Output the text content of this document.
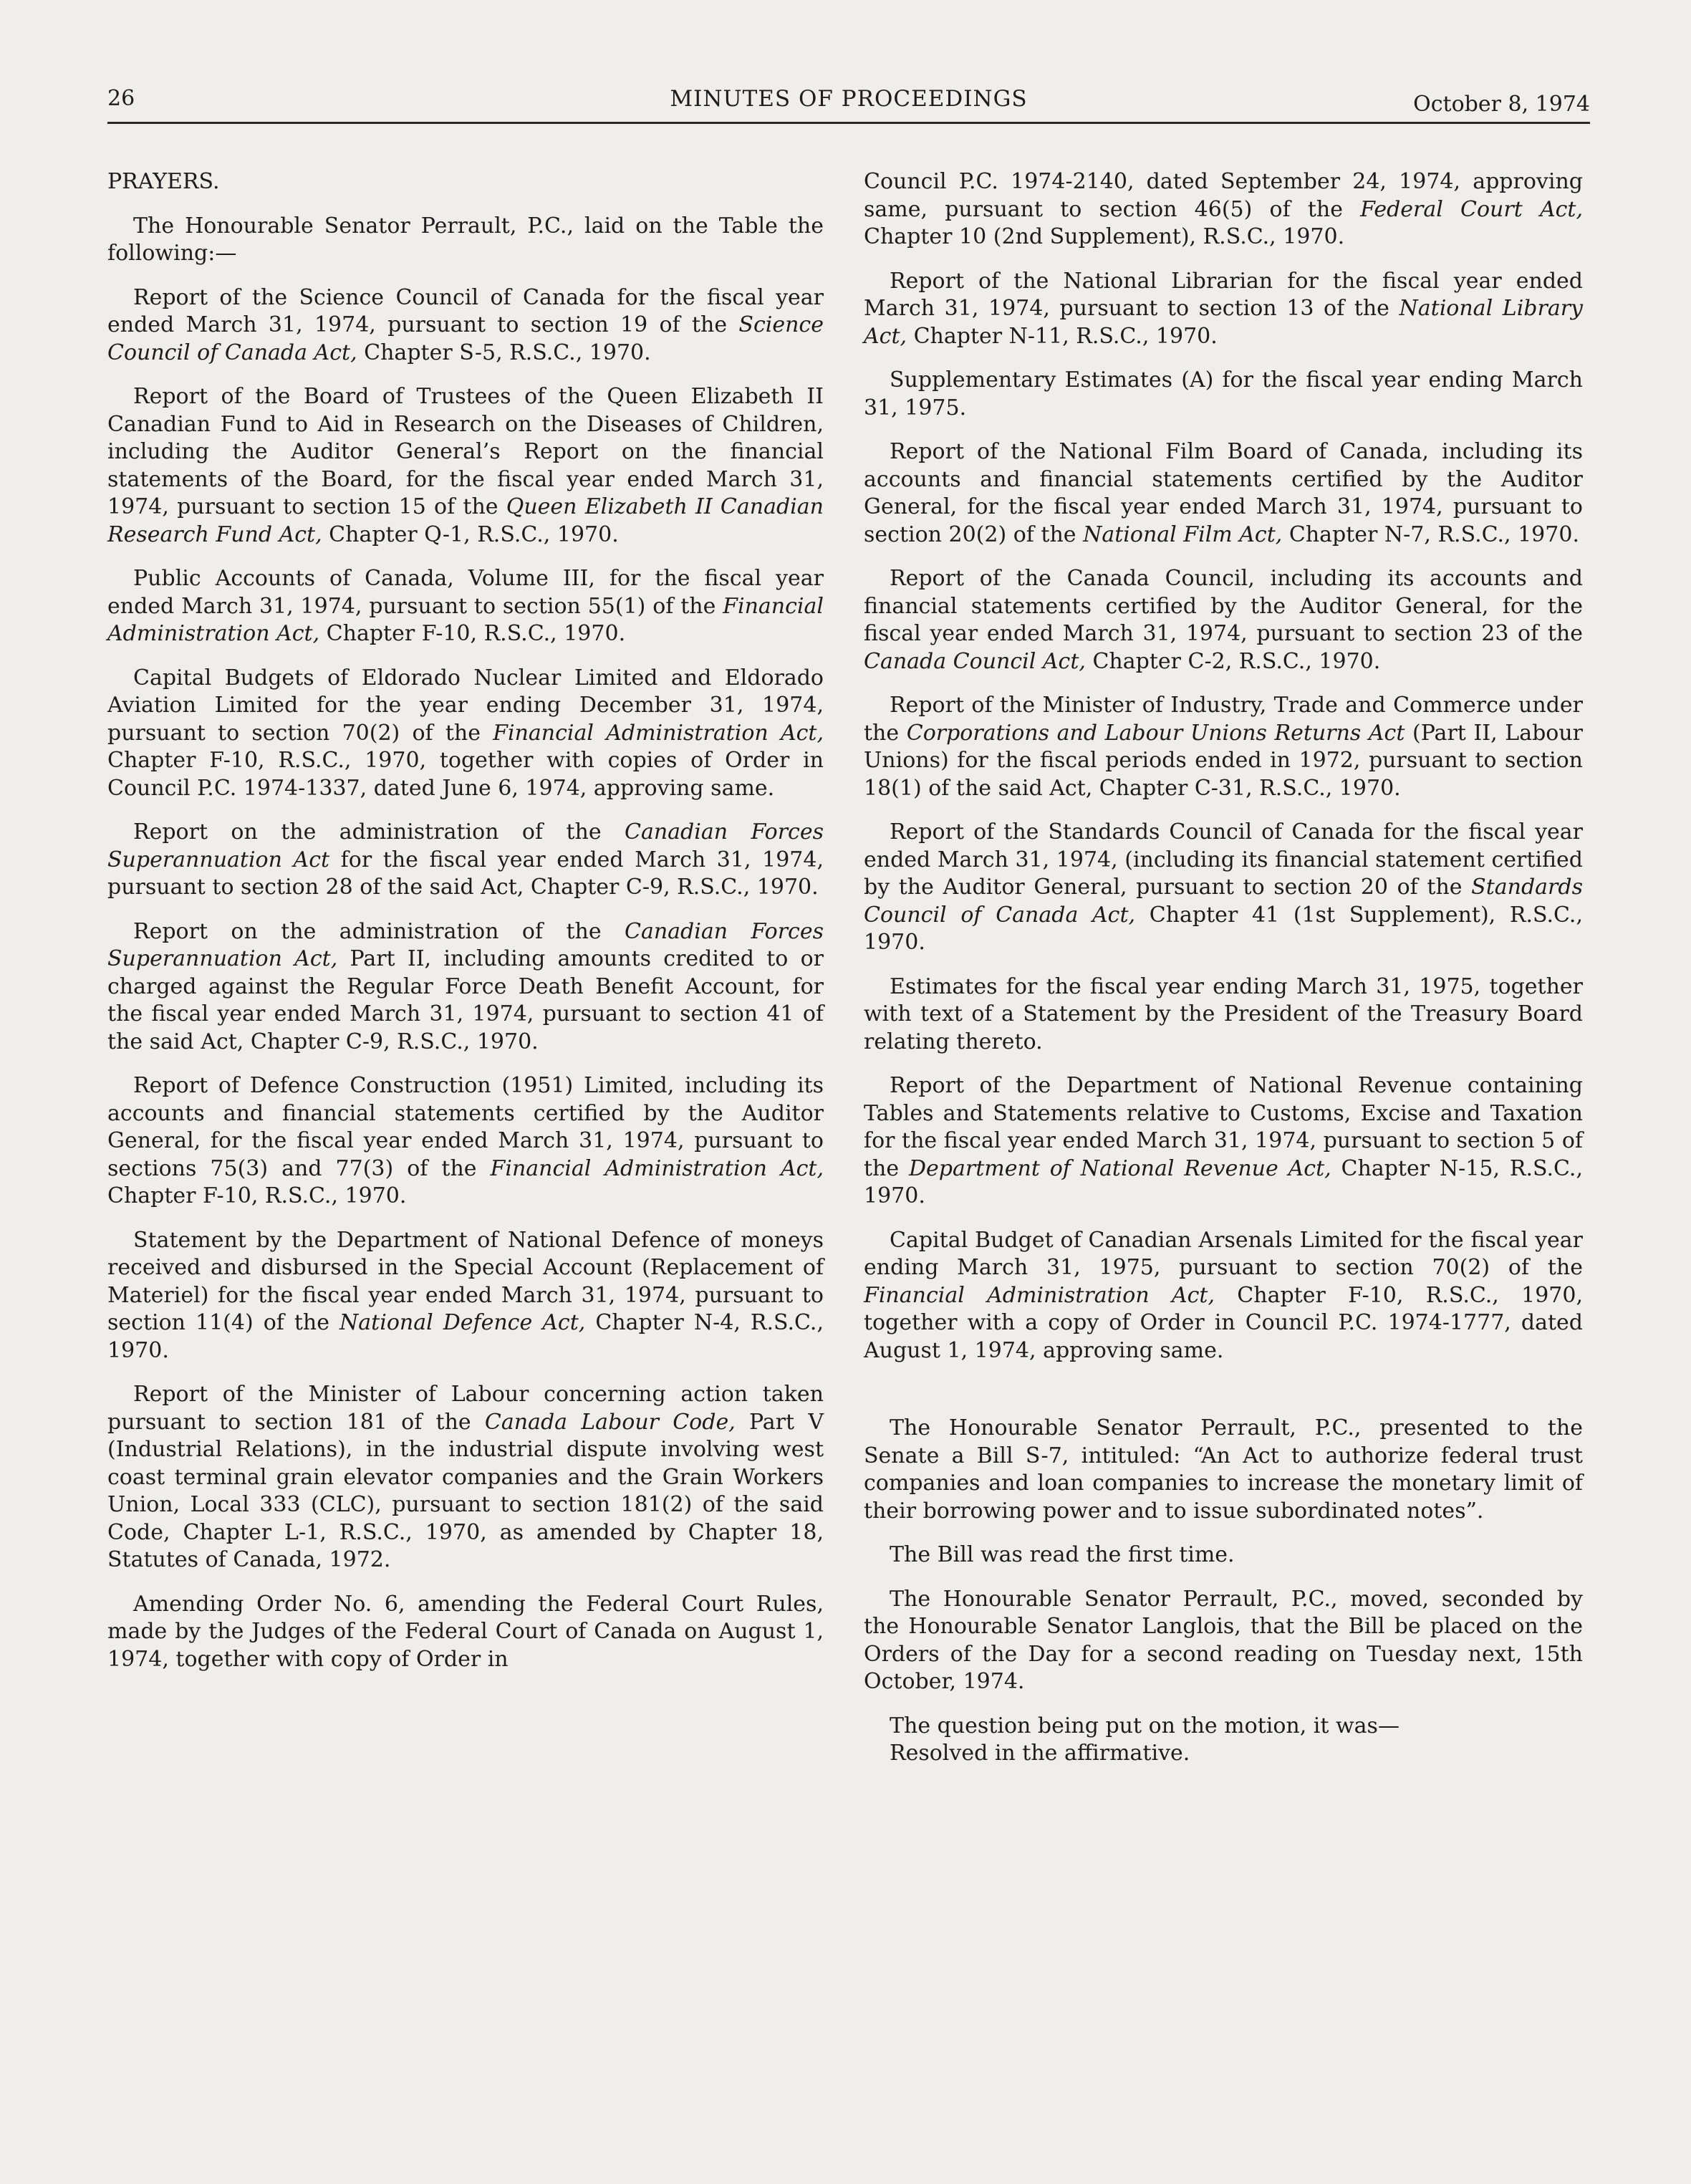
26	MINUTES OF PROCEEDINGS	October 8, 1974

PRAYERS.

The Honourable Senator Perrault, P.C., laid on the Table the following:—

Report of the Science Council of Canada for the fiscal year ended March 31, 1974, pursuant to section 19 of the Science Council of Canada Act, Chapter S-5, R.S.C., 1970.

Report of the Board of Trustees of the Queen Elizabeth II Canadian Fund to Aid in Research on the Diseases of Children, including the Auditor General’s Report on the financial statements of the Board, for the fiscal year ended March 31, 1974, pursuant to section 15 of the Queen Elizabeth II Canadian Research Fund Act, Chapter Q-1, R.S.C., 1970.

Public Accounts of Canada, Volume III, for the fiscal year ended March 31, 1974, pursuant to section 55(1) of the Financial Administration Act, Chapter F-10, R.S.C., 1970.

Capital Budgets of Eldorado Nuclear Limited and Eldorado Aviation Limited for the year ending December 31, 1974, pursuant to section 70(2) of the Financial Administration Act, Chapter F-10, R.S.C., 1970, together with copies of Order in Council P.C. 1974-1337, dated June 6, 1974, approving same.

Report on the administration of the Canadian Forces Superannuation Act for the fiscal year ended March 31, 1974, pursuant to section 28 of the said Act, Chapter C-9, R.S.C., 1970.

Report on the administration of the Canadian Forces Superannuation Act, Part II, including amounts credited to or charged against the Regular Force Death Benefit Account, for the fiscal year ended March 31, 1974, pursuant to section 41 of the said Act, Chapter C-9, R.S.C., 1970.

Report of Defence Construction (1951) Limited, including its accounts and financial statements certified by the Auditor General, for the fiscal year ended March 31, 1974, pursuant to sections 75(3) and 77(3) of the Financial Administration Act, Chapter F-10, R.S.C., 1970.

Statement by the Department of National Defence of moneys received and disbursed in the Special Account (Replacement of Materiel) for the fiscal year ended March 31, 1974, pursuant to section 11(4) of the National Defence Act, Chapter N-4, R.S.C., 1970.

Report of the Minister of Labour concerning action taken pursuant to section 181 of the Canada Labour Code, Part V (Industrial Relations), in the industrial dispute involving west coast terminal grain elevator companies and the Grain Workers Union, Local 333 (CLC), pursuant to section 181(2) of the said Code, Chapter L-1, R.S.C., 1970, as amended by Chapter 18, Statutes of Canada, 1972.

Amending Order No. 6, amending the Federal Court Rules, made by the Judges of the Federal Court of Canada on August 1, 1974, together with copy of Order in

Council P.C. 1974-2140, dated September 24, 1974, approving same, pursuant to section 46(5) of the Federal Court Act, Chapter 10 (2nd Supplement), R.S.C., 1970.

Report of the National Librarian for the fiscal year ended March 31, 1974, pursuant to section 13 of the National Library Act, Chapter N-11, R.S.C., 1970.

Supplementary Estimates (A) for the fiscal year ending March 31, 1975.

Report of the National Film Board of Canada, including its accounts and financial statements certified by the Auditor General, for the fiscal year ended March 31, 1974, pursuant to section 20(2) of the National Film Act, Chapter N-7, R.S.C., 1970.

Report of the Canada Council, including its accounts and financial statements certified by the Auditor General, for the fiscal year ended March 31, 1974, pursuant to section 23 of the Canada Council Act, Chapter C-2, R.S.C., 1970.

Report of the Minister of Industry, Trade and Commerce under the Corporations and Labour Unions Returns Act (Part II, Labour Unions) for the fiscal periods ended in 1972, pursuant to section 18(1) of the said Act, Chapter C-31, R.S.C., 1970.

Report of the Standards Council of Canada for the fiscal year ended March 31, 1974, (including its financial statement certified by the Auditor General, pursuant to section 20 of the Standards Council of Canada Act, Chapter 41 (1st Supplement), R.S.C., 1970.

Estimates for the fiscal year ending March 31, 1975, together with text of a Statement by the President of the Treasury Board relating thereto.

Report of the Department of National Revenue containing Tables and Statements relative to Customs, Excise and Taxation for the fiscal year ended March 31, 1974, pursuant to section 5 of the Department of National Revenue Act, Chapter N-15, R.S.C., 1970.

Capital Budget of Canadian Arsenals Limited for the fiscal year ending March 31, 1975, pursuant to section 70(2) of the Financial Administration Act, Chapter F-10, R.S.C., 1970, together with a copy of Order in Council P.C. 1974-1777, dated August 1, 1974, approving same.

The Honourable Senator Perrault, P.C., presented to the Senate a Bill S-7, intituled: “An Act to authorize federal trust companies and loan companies to increase the monetary limit of their borrowing power and to issue subordinated notes”.

The Bill was read the first time.

The Honourable Senator Perrault, P.C., moved, seconded by the Honourable Senator Langlois, that the Bill be placed on the Orders of the Day for a second reading on Tuesday next, 15th October, 1974.

The question being put on the motion, it was—
Resolved in the affirmative.
